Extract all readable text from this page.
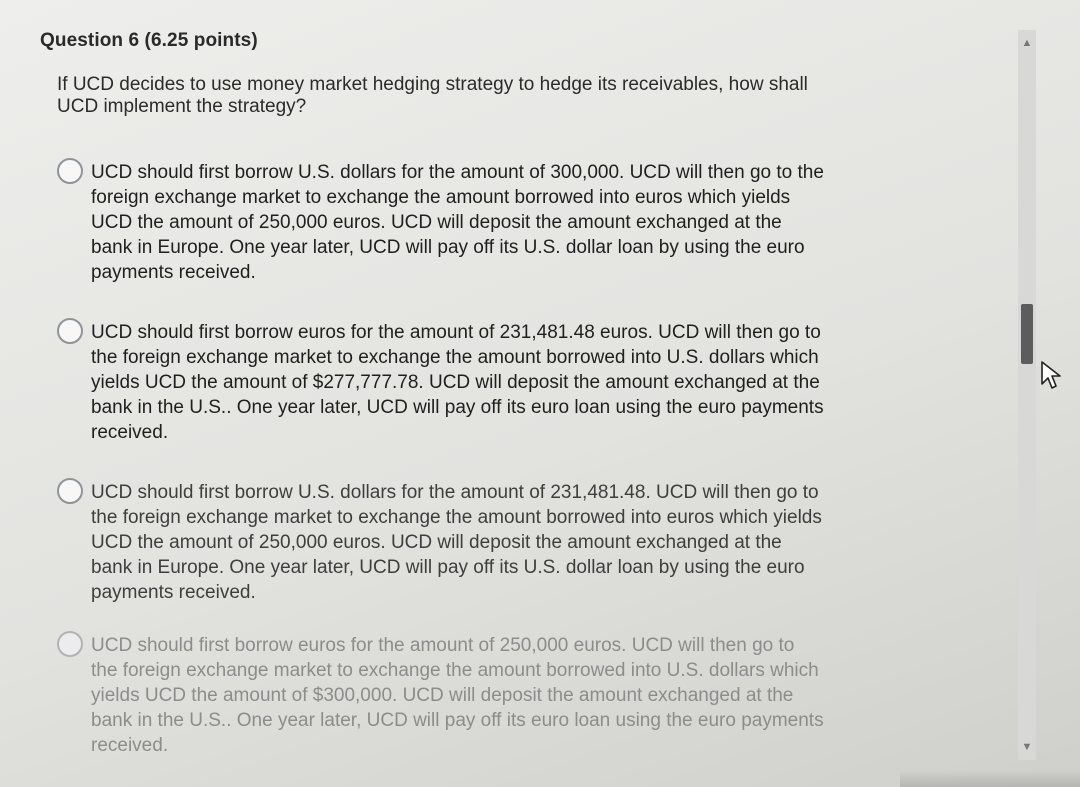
Question 6 (6.25 points)
If UCD decides to use money market hedging strategy to hedge its receivables, how shall UCD implement the strategy?
UCD should first borrow U.S. dollars for the amount of 300,000. UCD will then go to the foreign exchange market to exchange the amount borrowed into euros which yields UCD the amount of 250,000 euros. UCD will deposit the amount exchanged at the bank in Europe. One year later, UCD will pay off its U.S. dollar loan by using the euro payments received.
UCD should first borrow euros for the amount of 231,481.48 euros. UCD will then go to the foreign exchange market to exchange the amount borrowed into U.S. dollars which yields UCD the amount of $277,777.78. UCD will deposit the amount exchanged at the bank in the U.S.. One year later, UCD will pay off its euro loan using the euro payments received.
UCD should first borrow U.S. dollars for the amount of 231,481.48. UCD will then go to the foreign exchange market to exchange the amount borrowed into euros which yields UCD the amount of 250,000 euros. UCD will deposit the amount exchanged at the bank in Europe. One year later, UCD will pay off its U.S. dollar loan by using the euro payments received.
UCD should first borrow euros for the amount of 250,000 euros. UCD will then go to the foreign exchange market to exchange the amount borrowed into U.S. dollars which yields UCD the amount of $300,000. UCD will deposit the amount exchanged at the bank in the U.S.. One year later, UCD will pay off its euro loan using the euro payments received.
▲
▼
